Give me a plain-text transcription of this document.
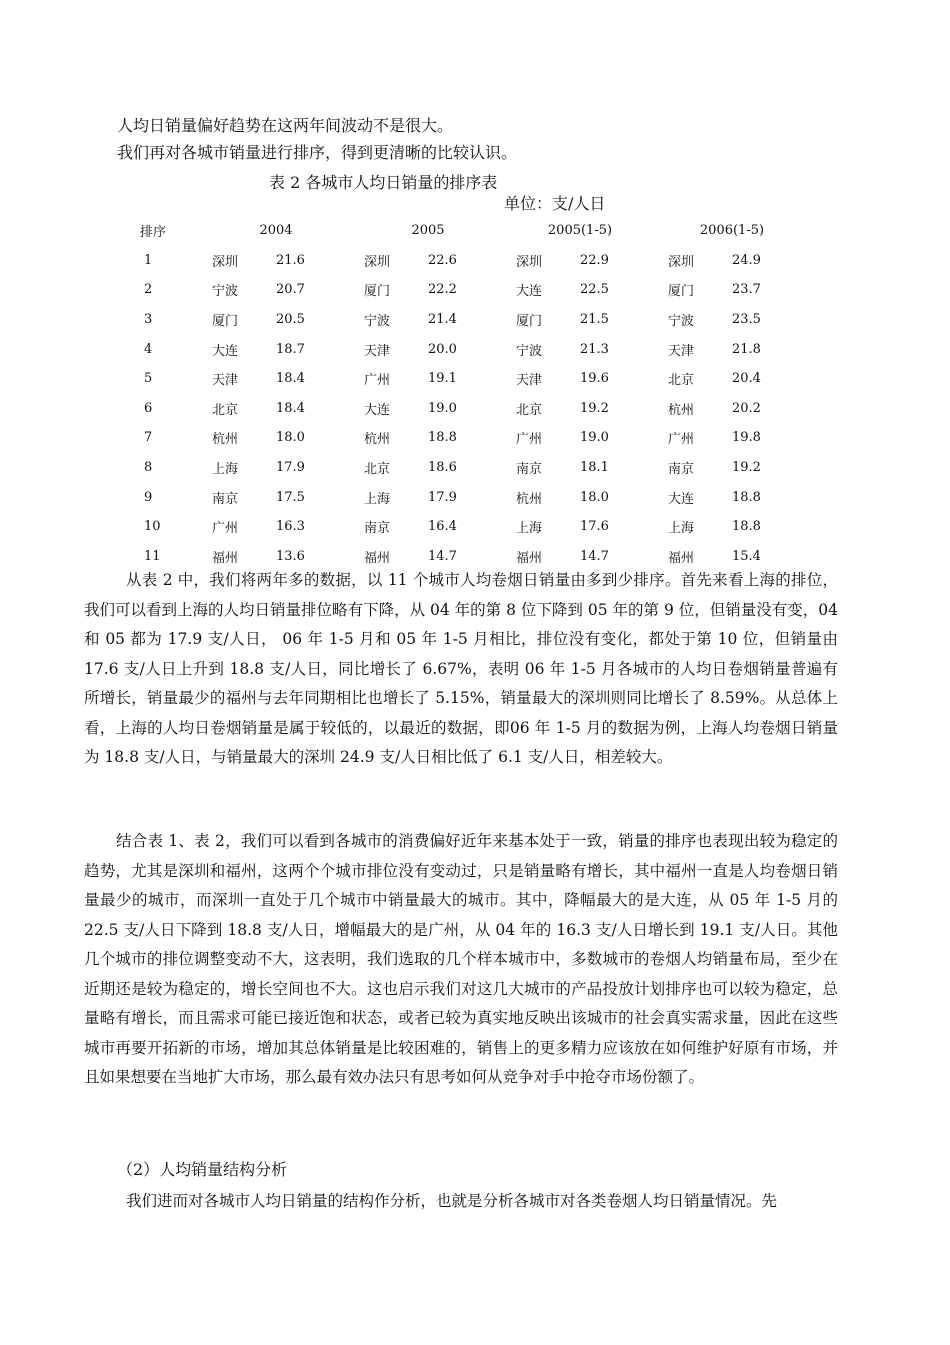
人均日销量偏好趋势在这两年间波动不是很大。
我们再对各城市销量进行排序，得到更清晰的比较认识。
表 2 各城市人均日销量的排序表
单位：支/人日
排序	2004		2005		2005(1-5)		2006(1-5)	
1	深圳	21.6	深圳	22.6	深圳	22.9	深圳	24.9
2	宁波	20.7	厦门	22.2	大连	22.5	厦门	23.7
3	厦门	20.5	宁波	21.4	厦门	21.5	宁波	23.5
4	大连	18.7	天津	20.0	宁波	21.3	天津	21.8
5	天津	18.4	广州	19.1	天津	19.6	北京	20.4
6	北京	18.4	大连	19.0	北京	19.2	杭州	20.2
7	杭州	18.0	杭州	18.8	广州	19.0	广州	19.8
8	上海	17.9	北京	18.6	南京	18.1	南京	19.2
9	南京	17.5	上海	17.9	杭州	18.0	大连	18.8
10	广州	16.3	南京	16.4	上海	17.6	上海	18.8
11	福州	13.6	福州	14.7	福州	14.7	福州	15.4
从表 2 中，我们将两年多的数据，以 11 个城市人均卷烟日销量由多到少排序。首先来看上海的排位，我们可以看到上海的人均日销量排位略有下降，从 04 年的第 8 位下降到 05 年的第 9 位，但销量没有变，04 和 05 都为 17.9 支/人日， 06 年 1-5 月和 05 年 1-5 月相比，排位没有变化，都处于第 10 位，但销量由 17.6 支/人日上升到 18.8 支/人日，同比增长了 6.67%，表明 06 年 1-5 月各城市的人均日卷烟销量普遍有所增长，销量最少的福州与去年同期相比也增长了 5.15%，销量最大的深圳则同比增长了 8.59%。从总体上看，上海的人均日卷烟销量是属于较低的，以最近的数据，即06 年 1-5 月的数据为例，上海人均卷烟日销量为 18.8 支/人日，与销量最大的深圳 24.9 支/人日相比低了 6.1 支/人日，相差较大。
结合表 1、表 2，我们可以看到各城市的消费偏好近年来基本处于一致，销量的排序也表现出较为稳定的趋势，尤其是深圳和福州，这两个个城市排位没有变动过，只是销量略有增长，其中福州一直是人均卷烟日销量最少的城市，而深圳一直处于几个城市中销量最大的城市。其中，降幅最大的是大连，从 05 年 1-5 月的 22.5 支/人日下降到 18.8 支/人日，增幅最大的是广州，从 04 年的 16.3 支/人日增长到 19.1 支/人日。其他几个城市的排位调整变动不大，这表明，我们选取的几个样本城市中，多数城市的卷烟人均销量布局，至少在近期还是较为稳定的，增长空间也不大。这也启示我们对这几大城市的产品投放计划排序也可以较为稳定，总量略有增长，而且需求可能已接近饱和状态，或者已较为真实地反映出该城市的社会真实需求量，因此在这些城市再要开拓新的市场，增加其总体销量是比较困难的，销售上的更多精力应该放在如何维护好原有市场，并且如果想要在当地扩大市场，那么最有效办法只有思考如何从竞争对手中抢夺市场份额了。
（2）人均销量结构分析
我们进而对各城市人均日销量的结构作分析，也就是分析各城市对各类卷烟人均日销量情况。先
